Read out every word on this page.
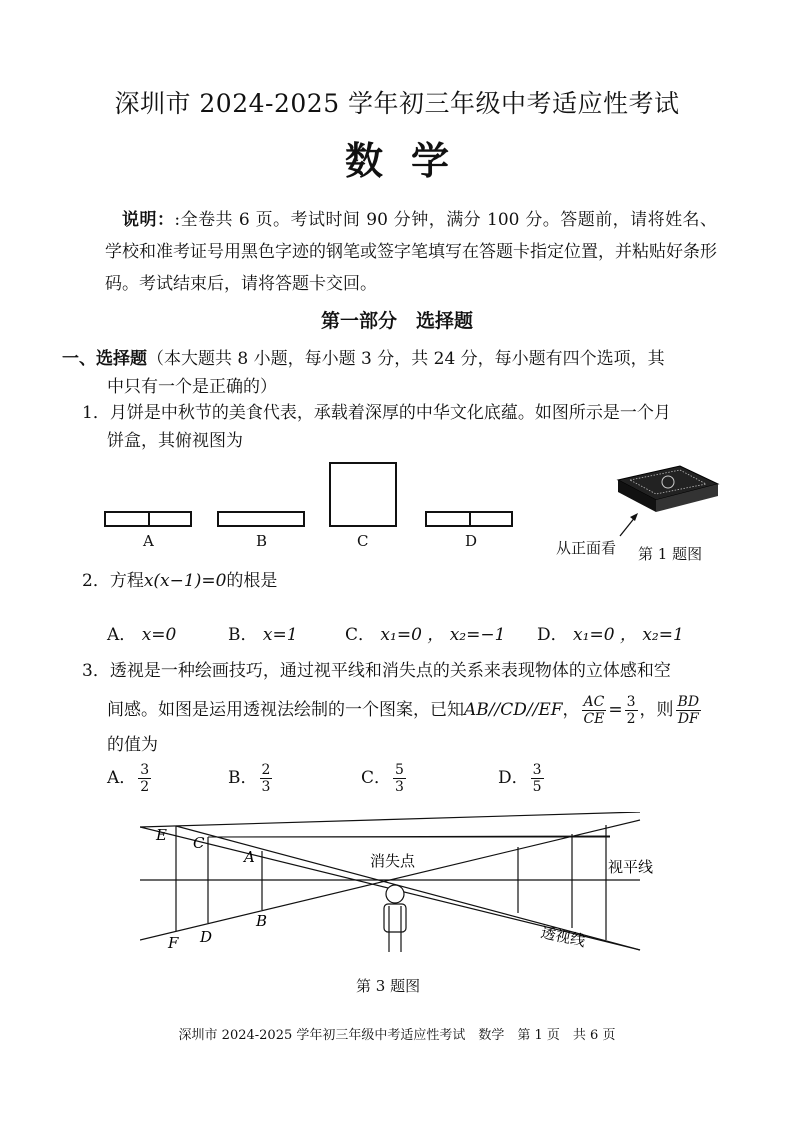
深圳市 2024-2025 学年初三年级中考适应性考试
数学
说明：:全卷共 6 页。考试时间 90 分钟，满分 100 分。答题前，请将姓名、学校和准考证号用黑色字迹的钢笔或签字笔填写在答题卡指定位置，并粘贴好条形码。考试结束后，请将答题卡交回。
第一部分　选择题
一、选择题（本大题共 8 小题，每小题 3 分，共 24 分，每小题有四个选项，其
中只有一个是正确的）
1．月饼是中秋节的美食代表，承载着深厚的中华文化底蕴。如图所示是一个月
饼盒，其俯视图为
A	B	C	D	从正面看 第 1 题图
2．方程x(x−1)=0的根是
A． x=0	B． x=1	C． x₁=0 ， x₂=−1 D． x₁=0 ， x₂=1
3．透视是一种绘画技巧，通过视平线和消失点的关系来表现物体的立体感和空
间感。如图是运用透视法绘制的一个图案，已知AB//CD//EF， $\frac{AC}{CE} = \frac{3}{2}$ ，则 $\frac{BD}{DF}$
的值为
A． $\frac{3}{2}$	B． $\frac{2}{3}$	C． $\frac{5}{3}$	D． $\frac{3}{5}$
E C
A
B
D
F
消失点	视平线
透视线
第 3 题图
深圳市 2024-2025 学年初三年级中考适应性考试　数学　第 1 页　共 6 页
